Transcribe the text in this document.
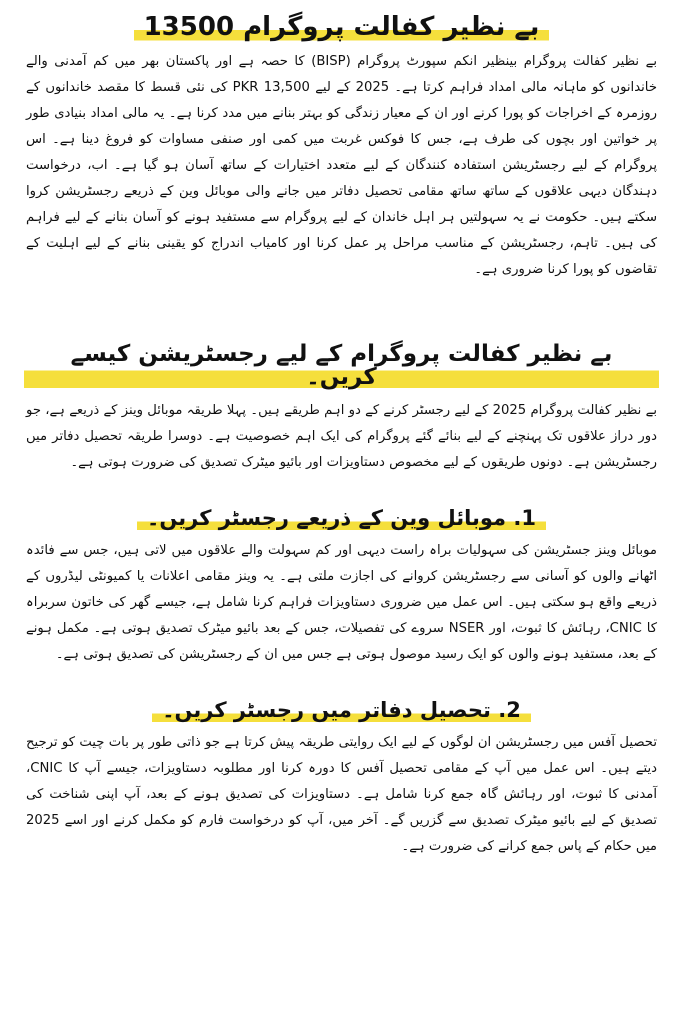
بے نظیر کفالت پروگرام 13500

بے نظیر کفالت پروگرام بینظیر انکم سپورٹ پروگرام (BISP) کا حصہ ہے اور پاکستان بھر میں کم آمدنی والے خاندانوں کو ماہانہ مالی امداد فراہم کرتا ہے۔ 2025 کے لیے PKR 13,500 کی نئی قسط کا مقصد خاندانوں کے روزمرہ کے اخراجات کو پورا کرنے اور ان کے معیار زندگی کو بہتر بنانے میں مدد کرنا ہے۔ یہ مالی امداد بنیادی طور پر خواتین اور بچوں کی طرف ہے، جس کا فوکس غربت میں کمی اور صنفی مساوات کو فروغ دینا ہے۔ اس پروگرام کے لیے رجسٹریشن استفادہ کنندگان کے لیے متعدد اختیارات کے ساتھ آسان ہو گیا ہے۔ اب، درخواست دہندگان دیہی علاقوں کے ساتھ ساتھ مقامی تحصیل دفاتر میں جانے والی موبائل وین کے ذریعے رجسٹریشن کروا سکتے ہیں۔ حکومت نے یہ سہولتیں ہر اہل خاندان کے لیے پروگرام سے مستفید ہونے کو آسان بنانے کے لیے فراہم کی ہیں۔ تاہم، رجسٹریشن کے مناسب مراحل پر عمل کرنا اور کامیاب اندراج کو یقینی بنانے کے لیے اہلیت کے تقاضوں کو پورا کرنا ضروری ہے۔

بے نظیر کفالت پروگرام کے لیے رجسٹریشن کیسے کریں۔

بے نظیر کفالت پروگرام 2025 کے لیے رجسٹر کرنے کے دو اہم طریقے ہیں۔ پہلا طریقہ موبائل وینز کے ذریعے ہے، جو دور دراز علاقوں تک پہنچنے کے لیے بنائے گئے پروگرام کی ایک اہم خصوصیت ہے۔ دوسرا طریقہ تحصیل دفاتر میں رجسٹریشن ہے۔ دونوں طریقوں کے لیے مخصوص دستاویزات اور بائیو میٹرک تصدیق کی ضرورت ہوتی ہے۔

1. موبائل وین کے ذریعے رجسٹر کریں۔

موبائل وینز جسٹریشن کی سہولیات براہ راست دیہی اور کم سہولت والے علاقوں میں لاتی ہیں، جس سے فائدہ اٹھانے والوں کو آسانی سے رجسٹریشن کروانے کی اجازت ملتی ہے۔ یہ وینز مقامی اعلانات یا کمیونٹی لیڈروں کے ذریعے واقع ہو سکتی ہیں۔ اس عمل میں ضروری دستاویزات فراہم کرنا شامل ہے، جیسے گھر کی خاتون سربراہ کا CNIC، رہائش کا ثبوت، اور NSER سروے کی تفصیلات، جس کے بعد بائیو میٹرک تصدیق ہوتی ہے۔ مکمل ہونے کے بعد، مستفید ہونے والوں کو ایک رسید موصول ہوتی ہے جس میں ان کے رجسٹریشن کی تصدیق ہوتی ہے۔

2. تحصیل دفاتر میں رجسٹر کریں۔

تحصیل آفس میں رجسٹریشن ان لوگوں کے لیے ایک روایتی طریقہ پیش کرتا ہے جو ذاتی طور پر بات چیت کو ترجیح دیتے ہیں۔ اس عمل میں آپ کے مقامی تحصیل آفس کا دورہ کرنا اور مطلوبہ دستاویزات، جیسے آپ کا CNIC، آمدنی کا ثبوت، اور رہائش گاہ جمع کرنا شامل ہے۔ دستاویزات کی تصدیق ہونے کے بعد، آپ اپنی شناخت کی تصدیق کے لیے بائیو میٹرک تصدیق سے گزریں گے۔ آخر میں، آپ کو درخواست فارم کو مکمل کرنے اور اسے 2025 میں حکام کے پاس جمع کرانے کی ضرورت ہے۔
